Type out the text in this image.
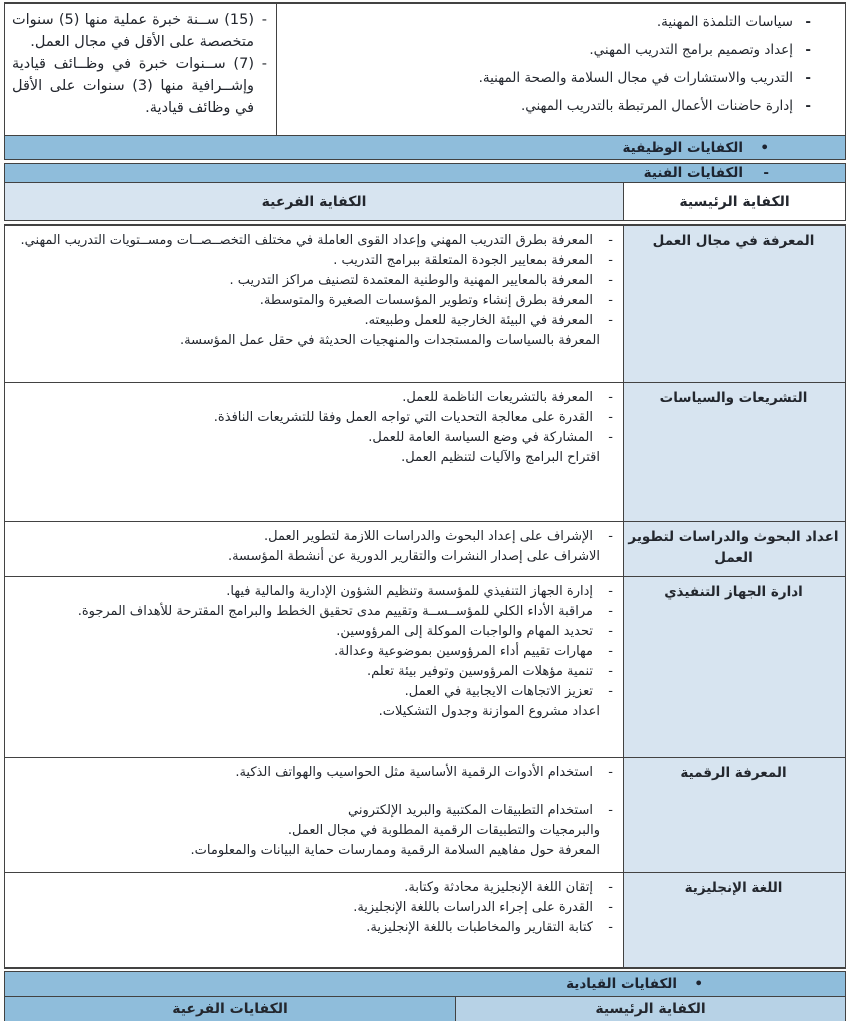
-
سياسات التلمذة المهنية.
-
إعداد وتصميم برامج التدريب المهني.
-
التدريب والاستشارات في مجال السلامة والصحة المهنية.
-
إدارة حاضنات الأعمال المرتبطة بالتدريب المهني.
-
(15) ســنة خبرة عملية منها (5) سنوات متخصصة على الأقل في مجال العمل.
-
(7) ســنوات خبرة في وظــائف قيادية وإشــرافية منها (3) سنوات على الأقل في وظائف قيادية.
•
الكفايات الوظيفية
-
الكفايات الفنية
الكفاية الرئيسية
الكفاية الفرعية
المعرفة في مجال العمل
-
المعرفة بطرق التدريب المهني وإعداد القوى العاملة في مختلف التخصــصــات ومســتويات التدريب المهني.
-
المعرفة بمعايير الجودة المتعلقة ببرامج التدريب .
-
المعرفة بالمعايير المهنية والوطنية المعتمدة لتصنيف مراكز التدريب .
-
المعرفة بطرق إنشاء وتطوير المؤسسات الصغيرة والمتوسطة.
-
المعرفة في البيئة الخارجية للعمل وطبيعته.
المعرفة بالسياسات والمستجدات والمنهجيات الحديثة في حقل عمل المؤسسة.
التشريعات والسياسات
-
المعرفة بالتشريعات الناظمة للعمل.
-
القدرة على معالجة التحديات التي تواجه العمل وفقا للتشريعات النافذة.
-
المشاركة في وضع السياسة العامة للعمل.
اقتراح البرامج والآليات لتنظيم العمل.
اعداد البحوث والدراسات لتطوير العمل
-
الإشراف على إعداد البحوث والدراسات اللازمة لتطوير العمل.
الاشراف على إصدار النشرات والتقارير الدورية عن أنشطة المؤسسة.
ادارة الجهاز التنفيذي
-
إدارة الجهاز التنفيذي للمؤسسة وتنظيم الشؤون الإدارية والمالية فيها.
-
مراقبة الأداء الكلي للمؤســســة وتقييم مدى تحقيق الخطط والبرامج المقترحة للأهداف المرجوة.
-
تحديد المهام والواجبات الموكلة إلى المرؤوسين.
-
مهارات تقييم أداء المرؤوسين بموضوعية وعدالة.
-
تنمية مؤهلات المرؤوسين وتوفير بيئة تعلم.
-
تعزيز الاتجاهات الايجابية في العمل.
اعداد مشروع الموازنة وجدول التشكيلات.
المعرفة الرقمية
-
استخدام الأدوات الرقمية الأساسية مثل الحواسيب والهواتف الذكية.
-
استخدام التطبيقات المكتبية والبريد الإلكتروني
والبرمجيات والتطبيقات الرقمية المطلوبة في مجال العمل.
المعرفة حول مفاهيم السلامة الرقمية وممارسات حماية البيانات والمعلومات.
اللغة الإنجليزية
-
إتقان اللغة الإنجليزية محادثة وكتابة.
-
القدرة على إجراء الدراسات باللغة الإنجليزية.
-
كتابة التقارير والمخاطبات باللغة الإنجليزية.
•
الكفايات القيادية
الكفاية الرئيسية
الكفايات الفرعية
